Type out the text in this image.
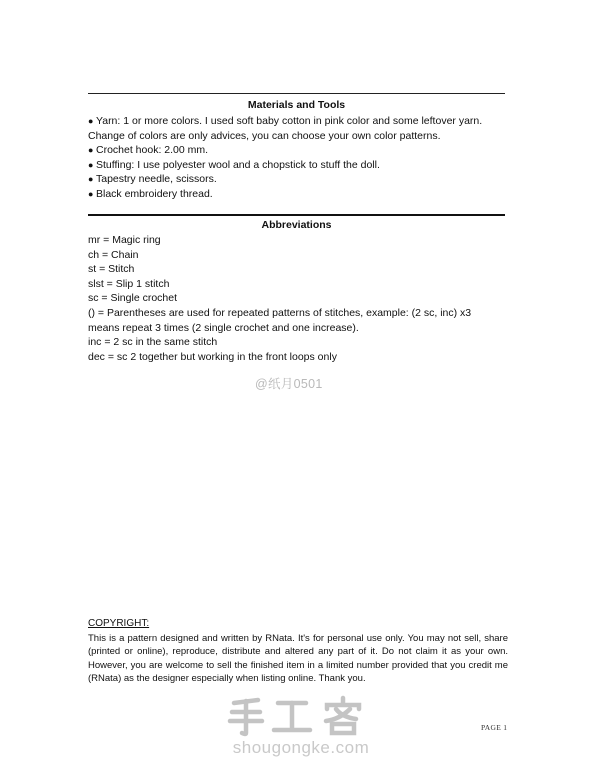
Materials and Tools
● Yarn: 1 or more colors. I used soft baby cotton in pink color and some leftover yarn.
Change of colors are only advices, you can choose your own color patterns.
● Crochet hook: 2.00 mm.
● Stuffing: I use polyester wool and a chopstick to stuff the doll.
● Tapestry needle, scissors.
● Black embroidery thread.
Abbreviations
mr = Magic ring
ch = Chain
st = Stitch
slst = Slip 1 stitch
sc = Single crochet
() = Parentheses are used for repeated patterns of stitches, example: (2 sc, inc) x3
means repeat 3 times (2 single crochet and one increase).
inc = 2 sc in the same stitch
dec = sc 2 together but working in the front loops only
@纸月0501
COPYRIGHT:
This is a pattern designed and written by RNata. It's for personal use only. You may not sell, share (printed or online), reproduce, distribute and altered any part of it. Do not claim it as your own. However, you are welcome to sell the finished item in a limited number provided that you credit me (RNata) as the designer especially when listing online. Thank you.
shougongke.com
PAGE 1
